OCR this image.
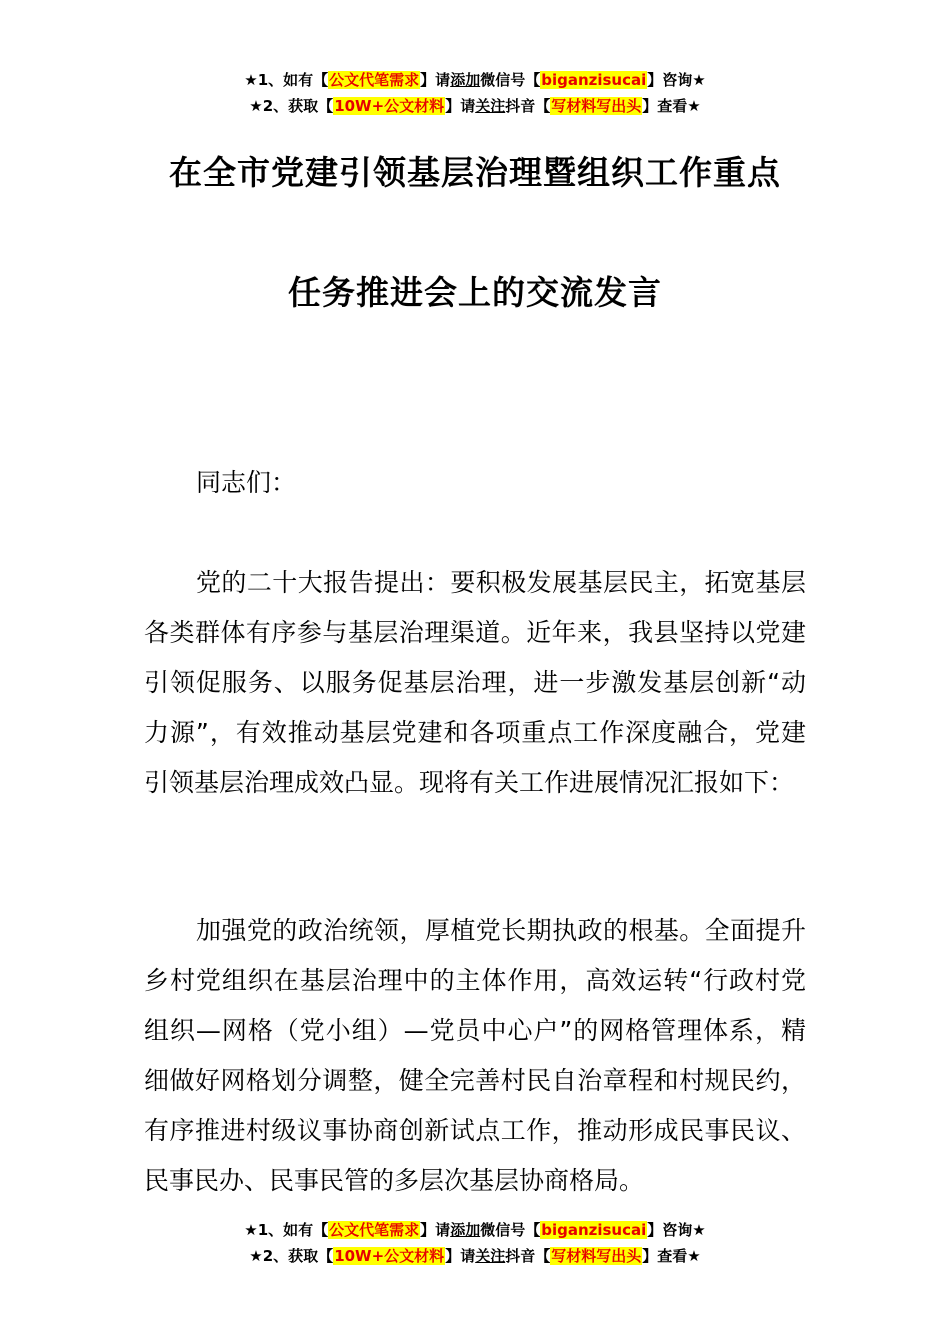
★1、如有【公文代笔需求】请添加微信号【biganzisucai】咨询★
★2、获取【10W+公文材料】请关注抖音【写材料写出头】查看★
在全市党建引领基层治理暨组织工作重点
任务推进会上的交流发言

同志们：

党的二十大报告提出：要积极发展基层民主，拓宽基层各类群体有序参与基层治理渠道。近年来，我县坚持以党建引领促服务、以服务促基层治理，进一步激发基层创新“动力源”，有效推动基层党建和各项重点工作深度融合，党建引领基层治理成效凸显。现将有关工作进展情况汇报如下：

加强党的政治统领，厚植党长期执政的根基。全面提升乡村党组织在基层治理中的主体作用，高效运转“行政村党组织—网格（党小组）—党员中心户”的网格管理体系，精细做好网格划分调整，健全完善村民自治章程和村规民约，有序推进村级议事协商创新试点工作，推动形成民事民议、民事民办、民事民管的多层次基层协商格局。

★1、如有【公文代笔需求】请添加微信号【biganzisucai】咨询★
★2、获取【10W+公文材料】请关注抖音【写材料写出头】查看★
